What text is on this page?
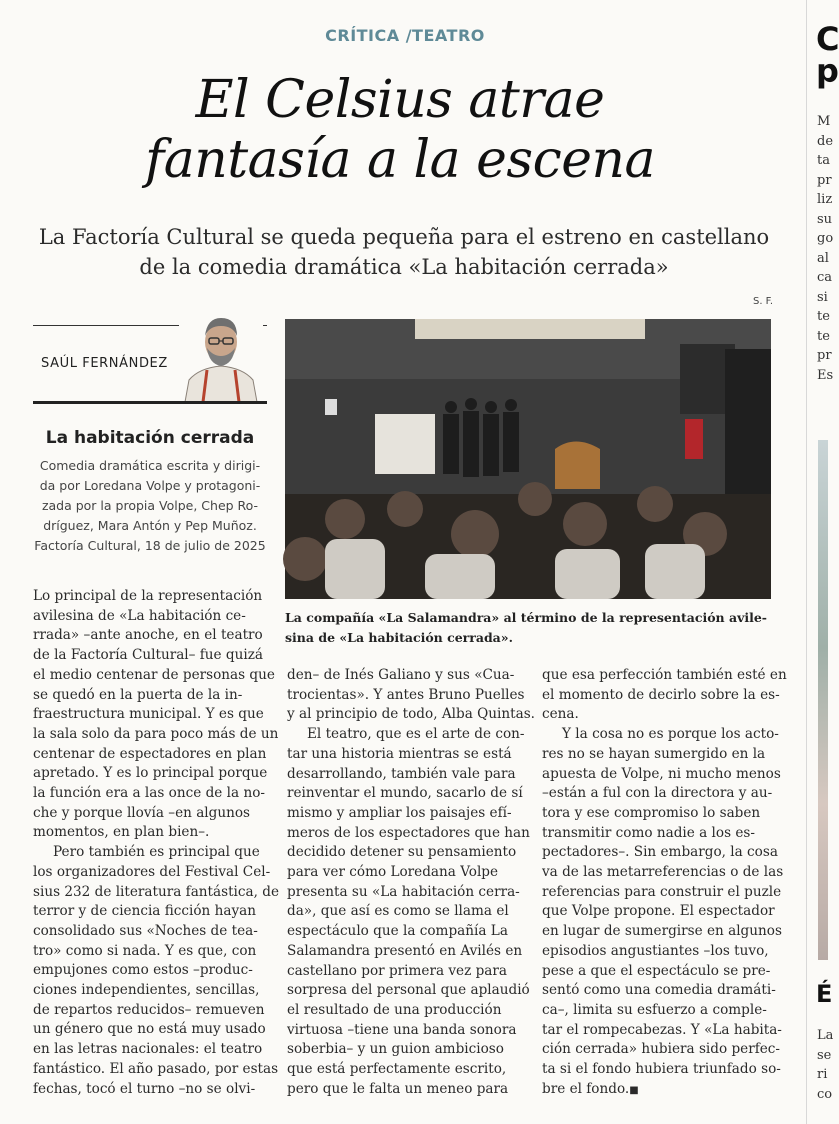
CRÍTICA /TEATRO
El Celsius atrae
fantasía a la escena
La Factoría Cultural se queda pequeña para el estreno en castellano
de la comedia dramática «La habitación cerrada»
S. F.
SAÚL FERNÁNDEZ
La habitación cerrada
Comedia dramática escrita y dirigi-
da por Loredana Volpe y protagoni-
zada por la propia Volpe, Chep Ro-
dríguez, Mara Antón y Pep Muñoz.
Factoría Cultural, 18 de julio de 2025
La compañía «La Salamandra» al término de la representación avile-
sina de «La habitación cerrada».

Lo principal de la representación

avilesina de «La habitación ce-

rrada» –ante anoche, en el teatro

de la Factoría Cultural– fue quizá

el medio centenar de personas que

se quedó en la puerta de la in-

fraestructura municipal. Y es que

la sala solo da para poco más de un

centenar de espectadores en plan

apretado. Y es lo principal porque

la función era a las once de la no-

che y porque llovía –en algunos

momentos, en plan bien–.

Pero también es principal que

los organizadores del Festival Cel-

sius 232 de literatura fantástica, de

terror y de ciencia ficción hayan

consolidado sus «Noches de tea-

tro» como si nada. Y es que, con

empujones como estos –produc-

ciones independientes, sencillas,

de repartos reducidos– remueven

un género que no está muy usado

en las letras nacionales: el teatro

fantástico. El año pasado, por estas

fechas, tocó el turno –no se olvi-

den– de Inés Galiano y sus «Cua-

trocientas». Y antes Bruno Puelles

y al principio de todo, Alba Quintas.

El teatro, que es el arte de con-

tar una historia mientras se está

desarrollando, también vale para

reinventar el mundo, sacarlo de sí

mismo y ampliar los paisajes efí-

meros de los espectadores que han

decidido detener su pensamiento

para ver cómo Loredana Volpe

presenta su «La habitación cerra-

da», que así es como se llama el

espectáculo que la compañía La

Salamandra presentó en Avilés en

castellano por primera vez para

sorpresa del personal que aplaudió

el resultado de una producción

virtuosa –tiene una banda sonora

soberbia– y un guion ambicioso

que está perfectamente escrito,

pero que le falta un meneo para

que esa perfección también esté en

el momento de decirlo sobre la es-

cena.

Y la cosa no es porque los acto-

res no se hayan sumergido en la

apuesta de Volpe, ni mucho menos

–están a ful con la directora y au-

tora y ese compromiso lo saben

transmitir como nadie a los es-

pectadores–. Sin embargo, la cosa

va de las metarreferencias o de las

referencias para construir el puzle

que Volpe propone. El espectador

en lugar de sumergirse en algunos

episodios angustiantes –los tuvo,

pese a que el espectáculo se pre-

sentó como una comedia dramáti-

ca–, limita su esfuerzo a comple-

tar el rompecabezas. Y «La habita-

ción cerrada» hubiera sido perfec-

ta si el fondo hubiera triunfado so-

bre el fondo.■

C
p
M
de
ta
pr
liz
su
go
al
ca
si
te
te
pr
Es
É
La
se
ri
co
